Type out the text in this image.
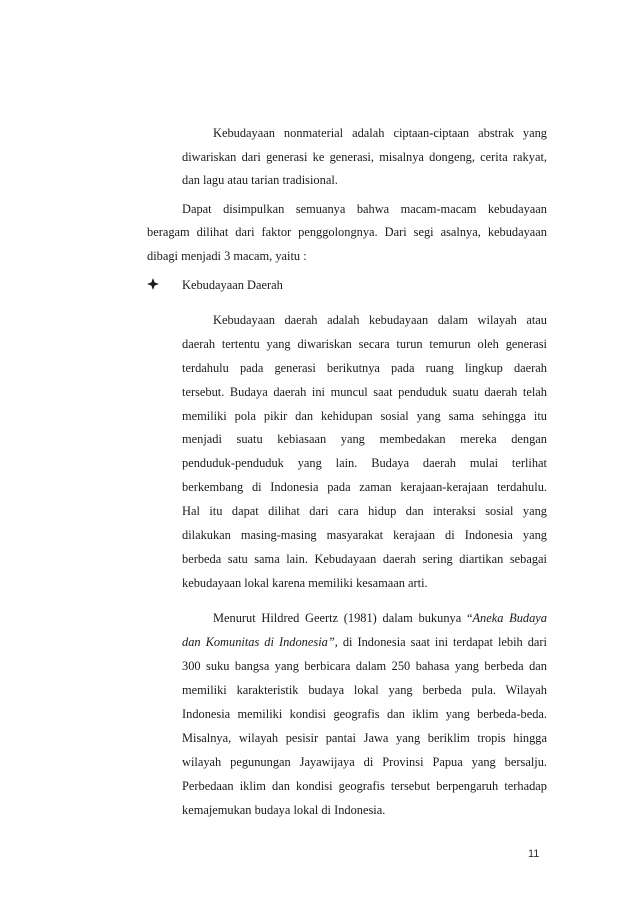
Kebudayaan nonmaterial adalah ciptaan-ciptaan abstrak yang
diwariskan dari generasi ke generasi, misalnya dongeng, cerita rakyat,
dan lagu atau tarian tradisional.
Dapat disimpulkan semuanya bahwa macam-macam kebudayaan
beragam dilihat dari faktor penggolongnya. Dari segi asalnya, kebudayaan
dibagi menjadi 3 macam, yaitu :
Kebudayaan Daerah
Kebudayaan daerah adalah kebudayaan dalam wilayah atau
daerah tertentu yang diwariskan secara turun temurun oleh generasi
terdahulu pada generasi berikutnya pada ruang lingkup daerah
tersebut. Budaya daerah ini muncul saat penduduk suatu daerah telah
memiliki pola pikir dan kehidupan sosial yang sama sehingga itu
menjadi suatu kebiasaan yang membedakan mereka dengan
penduduk-penduduk yang lain. Budaya daerah mulai terlihat
berkembang di Indonesia pada zaman kerajaan-kerajaan terdahulu.
Hal itu dapat dilihat dari cara hidup dan interaksi sosial yang
dilakukan masing-masing masyarakat kerajaan di Indonesia yang
berbeda satu sama lain. Kebudayaan daerah sering diartikan sebagai
kebudayaan lokal karena memiliki kesamaan arti.
Menurut Hildred Geertz (1981) dalam bukunya “Aneka Budaya
dan Komunitas di Indonesia”, di Indonesia saat ini terdapat lebih dari
300 suku bangsa yang berbicara dalam 250 bahasa yang berbeda dan
memiliki karakteristik budaya lokal yang berbeda pula. Wilayah
Indonesia memiliki kondisi geografis dan iklim yang berbeda-beda.
Misalnya, wilayah pesisir pantai Jawa yang beriklim tropis hingga
wilayah pegunungan Jayawijaya di Provinsi Papua yang bersalju.
Perbedaan iklim dan kondisi geografis tersebut berpengaruh terhadap
kemajemukan budaya lokal di Indonesia.
11
